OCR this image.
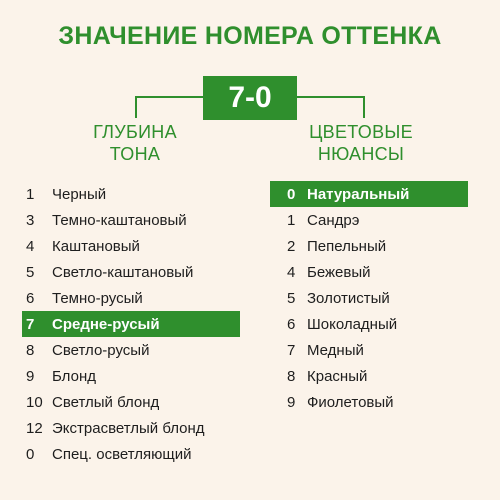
ЗНАЧЕНИЕ НОМЕРА ОТТЕНКА
7-0
ГЛУБИНА
ТОНА
ЦВЕТОВЫЕ
НЮАНСЫ
1	Черный
3	Темно-каштановый
4	Каштановый
5	Светло-каштановый
6	Темно-русый
7	Средне-русый
8	Светло-русый
9	Блонд
10 Светлый блонд
12 Экстрасветлый блонд
0	Спец. осветляющий
0 Натуральный
1 Сандрэ
2 Пепельный
4 Бежевый
5 Золотистый
6 Шоколадный
7 Медный
8 Красный
9 Фиолетовый
